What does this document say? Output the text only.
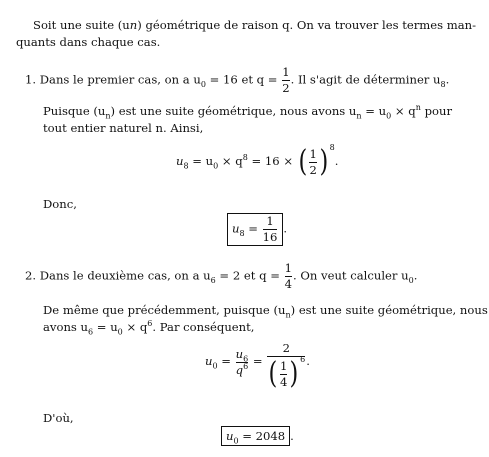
Soit une suite (un) géométrique de raison q. On va trouver les termes man-
quants dans chaque cas.
1. Dans le premier cas, on a $u_0 = 16$ et $q = \frac{1}{2}$ . Il s'agit de déterminer $u_8$.
Puisque $(u_n)$ est une suite géométrique, nous avons $u_n = u_0 \times q^n$ pour
tout entier naturel n. Ainsi,
$u_8 = u_0 \times q^8 = 16$ × ( $\frac{1}{2} )^8$.
Donc,
$u_8 = \frac{1}{16}$ .
2. Dans le deuxième cas, on a $u_6 = 2$ et $q = \frac{1}{4}$ . On veut calculer $u_0$.
De même que précédemment, puisque $(u_n)$ est une suite géométrique, nous
avons $u_6 = u_0 \times q^6$. Par conséquent,
$u_0 = \frac{u_6}{q^6} = \frac{2}{( \frac{1}{4} )^6}$ .
D'où,
$u_0 = 2048$ .
